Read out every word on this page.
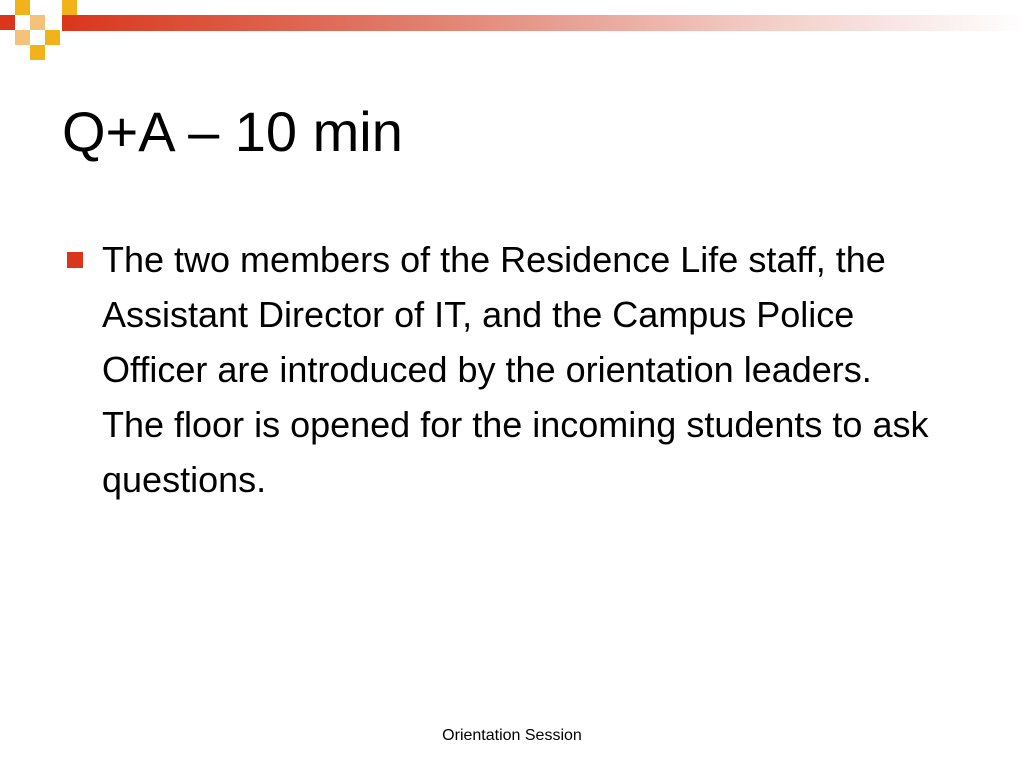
Q+A – 10 min
The two members of the Residence Life staff, the Assistant Director of IT, and the Campus Police Officer are introduced by the orientation leaders. The floor is opened for the incoming students to ask questions.
Orientation Session
